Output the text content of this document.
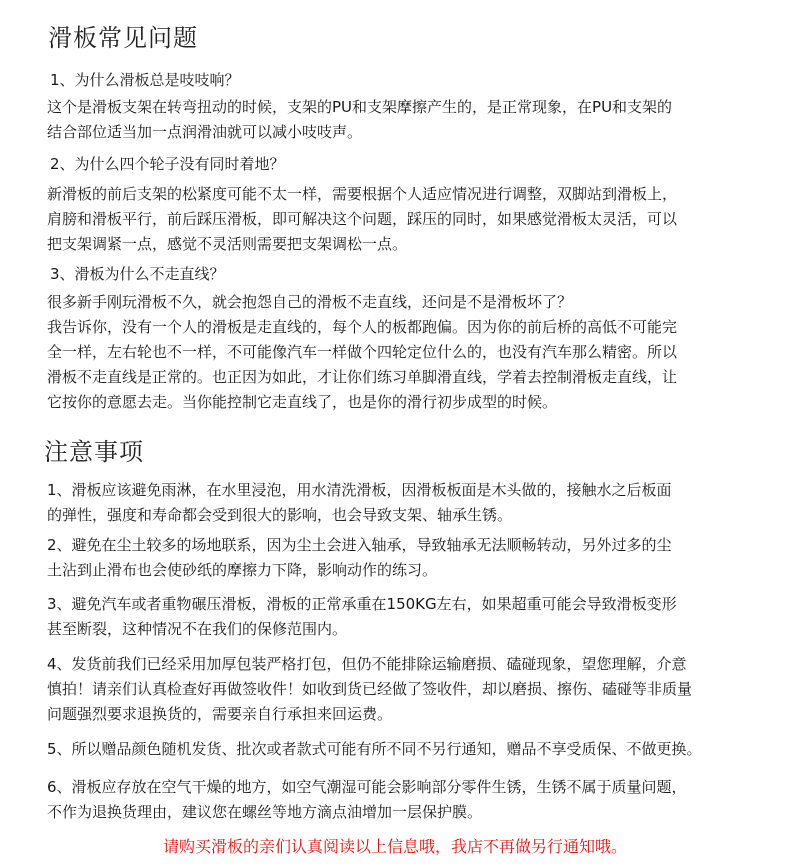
滑板常见问题
1、为什么滑板总是吱吱响？
这个是滑板支架在转弯扭动的时候，支架的PU和支架摩擦产生的，是正常现象，在PU和支架的
结合部位适当加一点润滑油就可以减小吱吱声。
2、为什么四个轮子没有同时着地？
新滑板的前后支架的松紧度可能不太一样，需要根据个人适应情况进行调整，双脚站到滑板上，
肩膀和滑板平行，前后踩压滑板，即可解决这个问题，踩压的同时，如果感觉滑板太灵活，可以
把支架调紧一点，感觉不灵活则需要把支架调松一点。
3、滑板为什么不走直线？
很多新手刚玩滑板不久，就会抱怨自己的滑板不走直线，还问是不是滑板坏了？
我告诉你，没有一个人的滑板是走直线的，每个人的板都跑偏。因为你的前后桥的高低不可能完
全一样，左右轮也不一样，不可能像汽车一样做个四轮定位什么的，也没有汽车那么精密。所以
滑板不走直线是正常的。也正因为如此，才让你们练习单脚滑直线，学着去控制滑板走直线，让
它按你的意愿去走。当你能控制它走直线了，也是你的滑行初步成型的时候。
注意事项
1、滑板应该避免雨淋，在水里浸泡，用水清洗滑板，因滑板板面是木头做的，接触水之后板面
的弹性，强度和寿命都会受到很大的影响，也会导致支架、轴承生锈。
2、避免在尘土较多的场地联系，因为尘土会进入轴承，导致轴承无法顺畅转动，另外过多的尘
土沾到止滑布也会使砂纸的摩擦力下降，影响动作的练习。
3、避免汽车或者重物碾压滑板，滑板的正常承重在150KG左右，如果超重可能会导致滑板变形
甚至断裂，这种情况不在我们的保修范围内。
4、发货前我们已经采用加厚包装严格打包，但仍不能排除运输磨损、磕碰现象，望您理解，介意
慎拍！请亲们认真检查好再做签收件！如收到货已经做了签收件，却以磨损、擦伤、磕碰等非质量
问题强烈要求退换货的，需要亲自行承担来回运费。
5、所以赠品颜色随机发货、批次或者款式可能有所不同不另行通知，赠品不享受质保、不做更换。
6、滑板应存放在空气干燥的地方，如空气潮湿可能会影响部分零件生锈，生锈不属于质量问题，
不作为退换货理由，建议您在螺丝等地方滴点油增加一层保护膜。
请购买滑板的亲们认真阅读以上信息哦，我店不再做另行通知哦。
